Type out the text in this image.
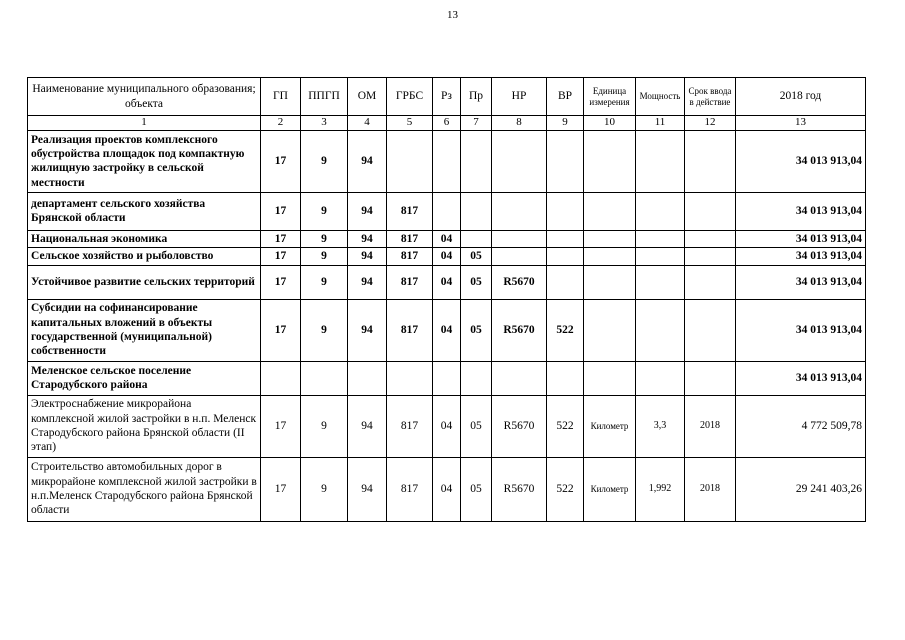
13
Наименование муниципального образования; объекта	ГП	ППГП	ОМ	ГРБС	Рз	Пр	НР	ВР	Единица измерения	Мощность	Срок ввода в действие	2018 год
1	2	3	4	5	6	7	8	9	10	11	12	13
Реализация проектов комплексного обустройства площадок под компактную жилищную застройку в сельской местности	17	9	94									34 013 913,04
департамент сельского хозяйства Брянской области	17	9	94	817								34 013 913,04
Национальная экономика	17	9	94	817	04							34 013 913,04
Сельское хозяйство и рыболовство	17	9	94	817	04	05						34 013 913,04
Устойчивое развитие сельских территорий	17	9	94	817	04	05	R5670					34 013 913,04
Субсидии на софинансирование капитальных вложений в объекты государственной (муниципальной) собственности	17	9	94	817	04	05	R5670	522				34 013 913,04
Меленское сельское поселение Стародубского района												34 013 913,04
Электроснабжение микрорайона комплексной жилой застройки в н.п. Меленск Стародубского района Брянской области (II этап)	17	9	94	817	04	05	R5670	522	Километр	3,3	2018	4 772 509,78
Строительство автомобильных дорог в микрорайоне комплексной жилой застройки в н.п.Меленск Стародубского района Брянской области	17	9	94	817	04	05	R5670	522	Километр	1,992	2018	29 241 403,26
